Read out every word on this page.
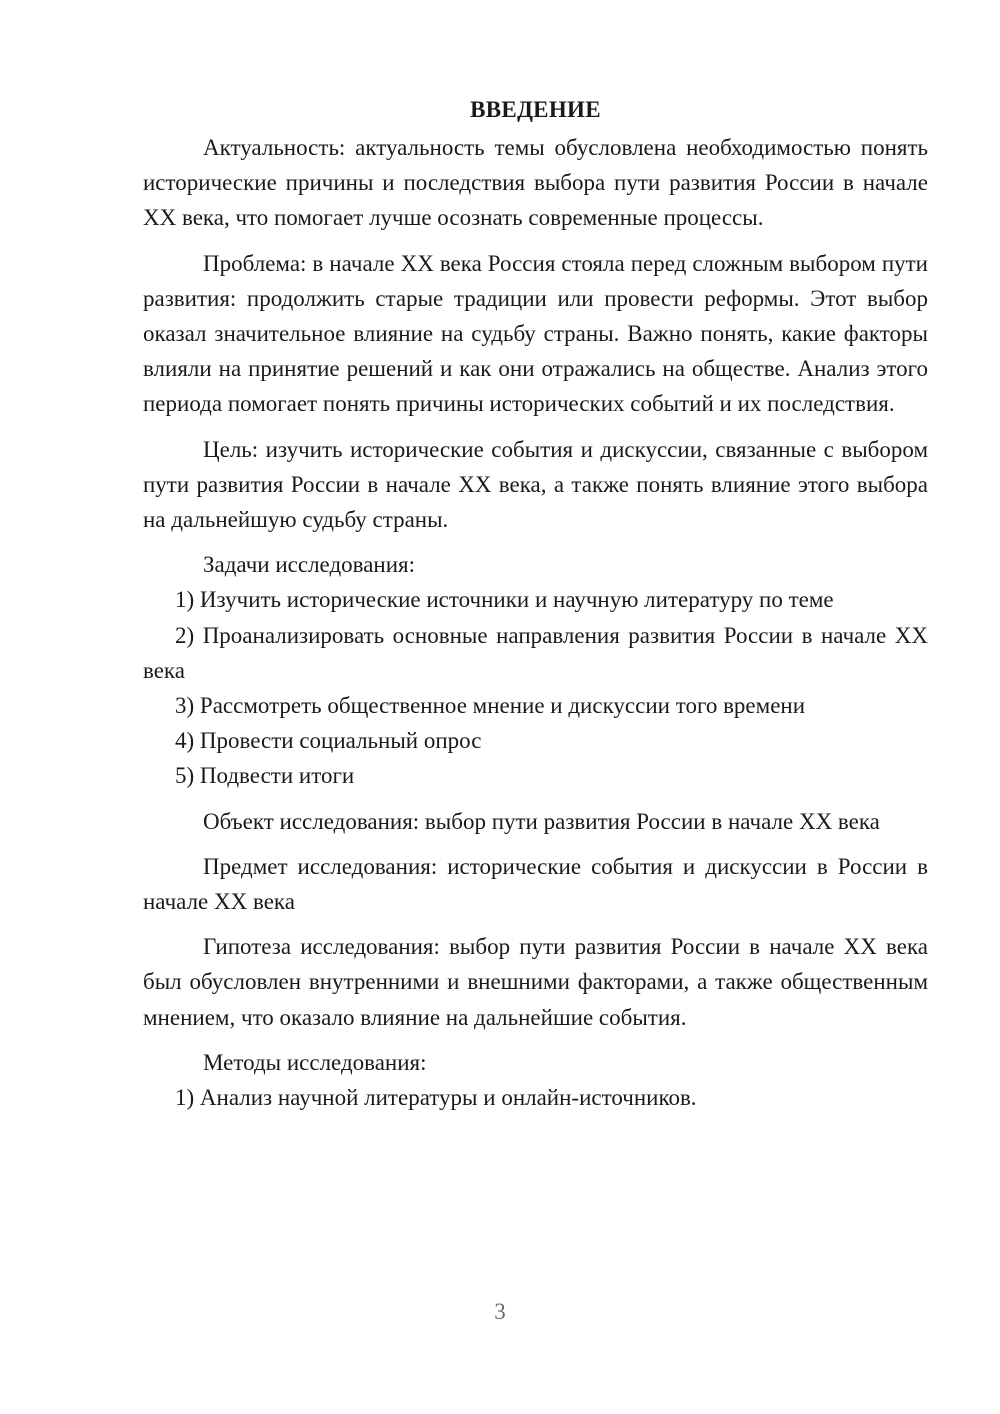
ВВЕДЕНИЕ

Актуальность: актуальность темы обусловлена необходимостью понять исторические причины и последствия выбора пути развития России в начале XX века, что помогает лучше осознать современные процессы.

Проблема: в начале XX века Россия стояла перед сложным выбором пути развития: продолжить старые традиции или провести реформы. Этот выбор оказал значительное влияние на судьбу страны. Важно понять, какие факторы влияли на принятие решений и как они отражались на обществе. Анализ этого периода помогает понять причины исторических событий и их последствия.

Цель: изучить исторические события и дискуссии, связанные с выбором пути развития России в начале XX века, а также понять влияние этого выбора на дальнейшую судьбу страны.

Задачи исследования:

1) Изучить исторические источники и научную литературу по теме

2) Проанализировать основные направления развития России в начале XX века

3) Рассмотреть общественное мнение и дискуссии того времени

4) Провести социальный опрос

5) Подвести итоги

Объект исследования: выбор пути развития России в начале XX века

Предмет исследования: исторические события и дискуссии в России в начале XX века

Гипотеза исследования: выбор пути развития России в начале XX века был обусловлен внутренними и внешними факторами, а также общественным мнением, что оказало влияние на дальнейшие события.

Методы исследования:

1) Анализ научной литературы и онлайн-источников.

3
